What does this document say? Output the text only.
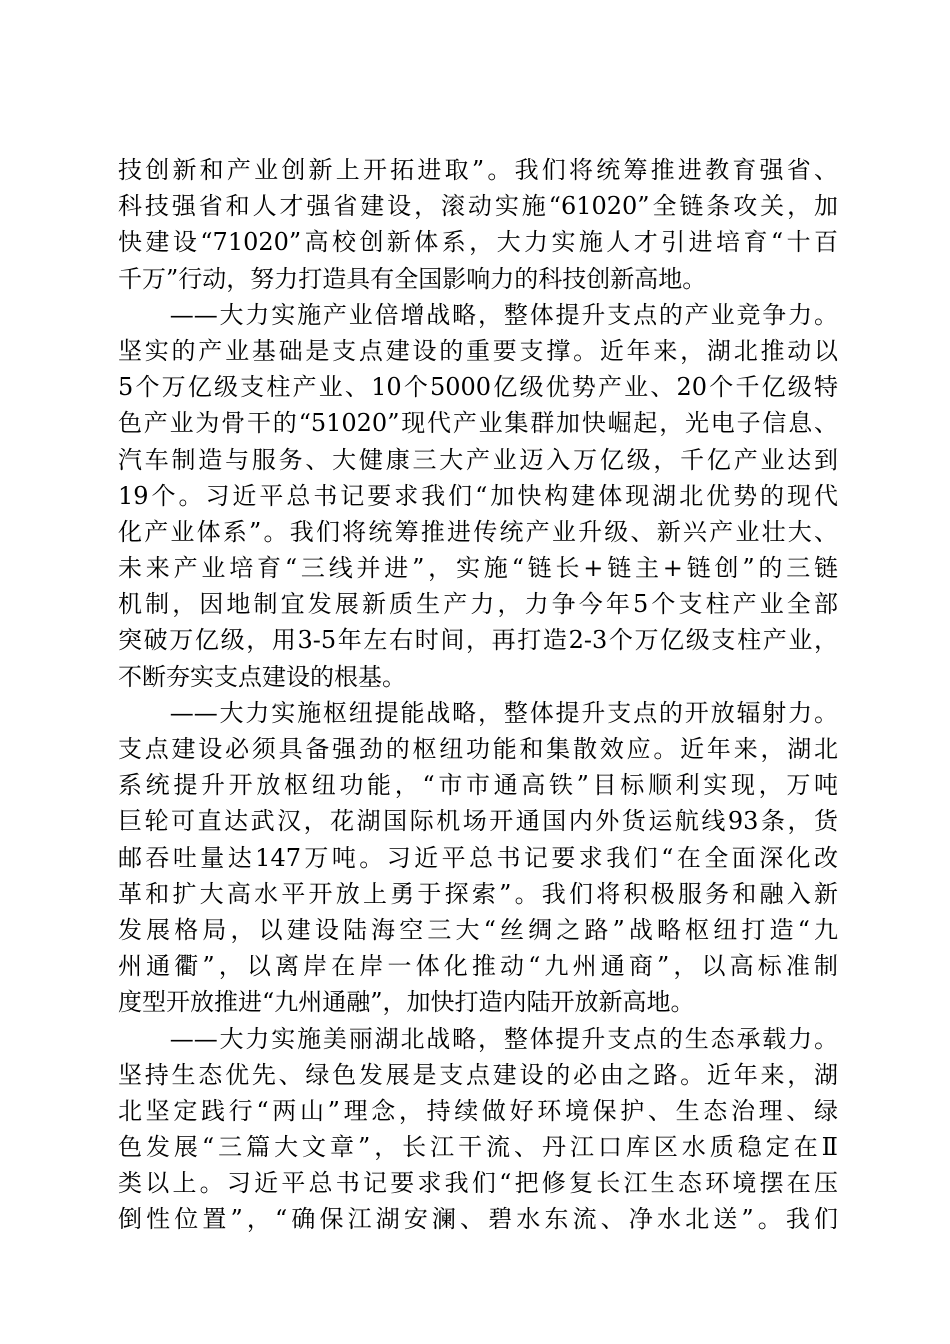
技创新和产业创新上开拓进取”。我们将统筹推进教育强省、
科技强省和人才强省建设，滚动实施“61020”全链条攻关，加
快建设“71020”高校创新体系，大力实施人才引进培育“十百
千万”行动，努力打造具有全国影响力的科技创新高地。
　　——大力实施产业倍增战略，整体提升支点的产业竞争力。
坚实的产业基础是支点建设的重要支撑。近年来，湖北推动以
5个万亿级支柱产业、10个5000亿级优势产业、20个千亿级特
色产业为骨干的“51020”现代产业集群加快崛起，光电子信息、
汽车制造与服务、大健康三大产业迈入万亿级，千亿产业达到
19个。习近平总书记要求我们“加快构建体现湖北优势的现代
化产业体系”。我们将统筹推进传统产业升级、新兴产业壮大、
未来产业培育“三线并进”，实施“链长+链主+链创”的三链
机制，因地制宜发展新质生产力，力争今年5个支柱产业全部
突破万亿级，用3-5年左右时间，再打造2-3个万亿级支柱产业，
不断夯实支点建设的根基。
　　——大力实施枢纽提能战略，整体提升支点的开放辐射力。
支点建设必须具备强劲的枢纽功能和集散效应。近年来，湖北
系统提升开放枢纽功能，“市市通高铁”目标顺利实现，万吨
巨轮可直达武汉，花湖国际机场开通国内外货运航线93条，货
邮吞吐量达147万吨。习近平总书记要求我们“在全面深化改
革和扩大高水平开放上勇于探索”。我们将积极服务和融入新
发展格局，以建设陆海空三大“丝绸之路”战略枢纽打造“九
州通衢”，以离岸在岸一体化推动“九州通商”，以高标准制
度型开放推进“九州通融”，加快打造内陆开放新高地。
　　——大力实施美丽湖北战略，整体提升支点的生态承载力。
坚持生态优先、绿色发展是支点建设的必由之路。近年来，湖
北坚定践行“两山”理念，持续做好环境保护、生态治理、绿
色发展“三篇大文章”，长江干流、丹江口库区水质稳定在Ⅱ
类以上。习近平总书记要求我们“把修复长江生态环境摆在压
倒性位置”，“确保江湖安澜、碧水东流、净水北送”。我们
